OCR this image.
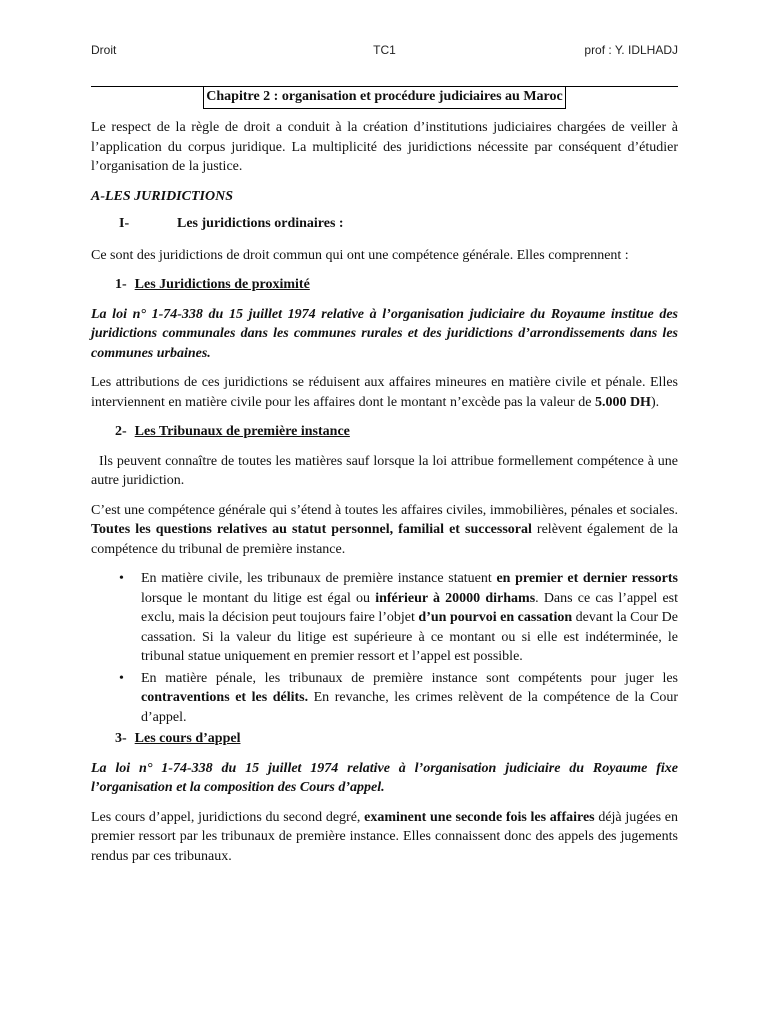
Droit	TC1	prof : Y. IDLHADJ
Chapitre 2 : organisation et procédure judiciaires au Maroc

Le respect de la règle de droit a conduit à la création d’institutions judiciaires chargées de veiller à l’application du corpus juridique. La multiplicité des juridictions nécessite par conséquent d’étudier l’organisation de la justice.

A-LES JURIDICTIONS
I-	Les juridictions ordinaires :

Ce sont des juridictions de droit commun qui ont une compétence générale. Elles comprennent :

1- Les Juridictions de proximité

La loi n° 1-74-338 du 15 juillet 1974 relative à l’organisation judiciaire du Royaume institue des juridictions communales dans les communes rurales et des juridictions d’arrondissements dans les communes urbaines.

Les attributions de ces juridictions se réduisent aux affaires mineures en matière civile et pénale. Elles interviennent en matière civile pour les affaires dont le montant n’excède pas la valeur de 5.000 DH).

2- Les Tribunaux de première instance

Ils peuvent connaître de toutes les matières sauf lorsque la loi attribue formellement compétence à une autre juridiction.

C’est une compétence générale qui s’étend à toutes les affaires civiles, immobilières, pénales et sociales. Toutes les questions relatives au statut personnel, familial et successoral relèvent également de la compétence du tribunal de première instance.

• En matière civile, les tribunaux de première instance statuent en premier et dernier ressorts lorsque le montant du litige est égal ou inférieur à 20000 dirhams. Dans ce cas l’appel est exclu, mais la décision peut toujours faire l’objet d’un pourvoi en cassation devant la Cour De cassation. Si la valeur du litige est supérieure à ce montant ou si elle est indéterminée, le tribunal statue uniquement en premier ressort et l’appel est possible.
• En matière pénale, les tribunaux de première instance sont compétents pour juger les contraventions et les délits. En revanche, les crimes relèvent de la compétence de la Cour d’appel.
3- Les cours d’appel

La loi n° 1-74-338 du 15 juillet 1974 relative à l’organisation judiciaire du Royaume fixe l’organisation et la composition des Cours d’appel.

Les cours d’appel, juridictions du second degré, examinent une seconde fois les affaires déjà jugées en premier ressort par les tribunaux de première instance. Elles connaissent donc des appels des jugements rendus par ces tribunaux.
